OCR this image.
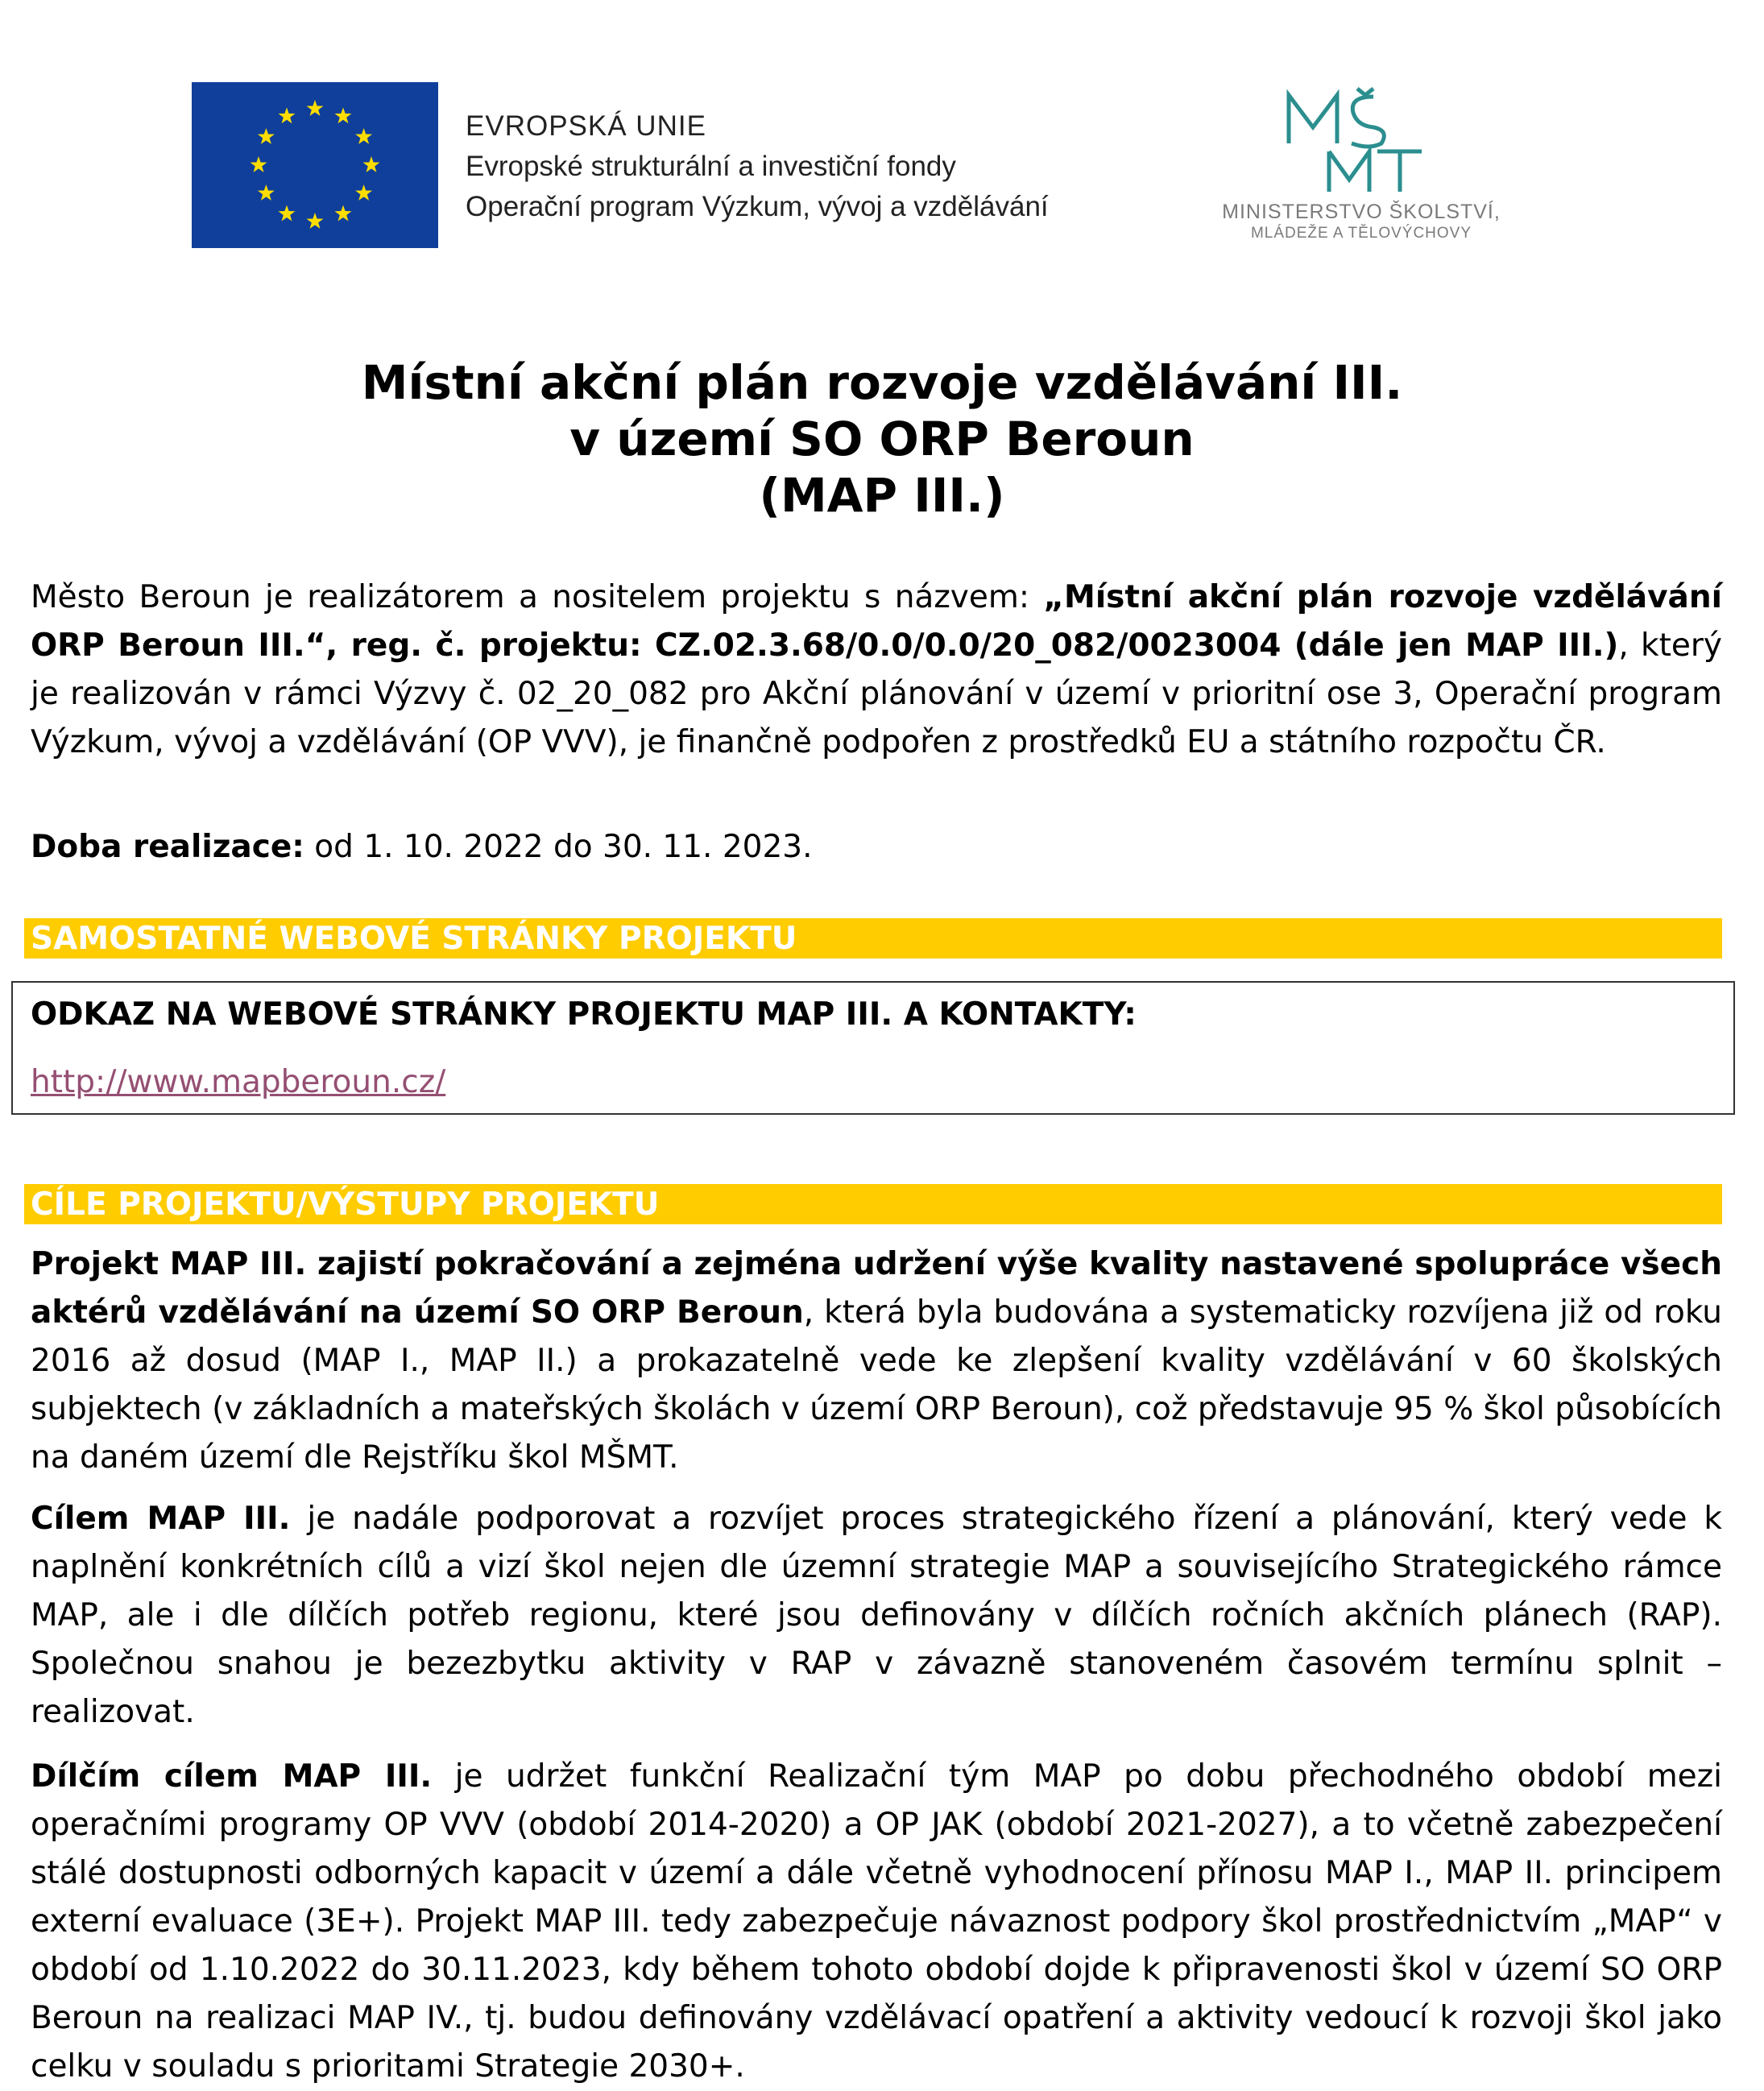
EVROPSKÁ UNIE
Evropské strukturální a investiční fondy
Operační program Výzkum, vývoj a vzdělávání	MINISTERSTVO ŠKOLSTVÍ,
MLÁDEŽE A TĚLOVÝCHOVY
Místní akční plán rozvoje vzdělávání III.
v území SO ORP Beroun
(MAP III.)

Město Beroun je realizátorem a nositelem projektu s názvem: „Místní akční plán rozvoje vzdělávání ORP Beroun III.“, reg. č. projektu: CZ.02.3.68/0.0/0.0/20_082/0023004 (dále jen MAP III.), který je realizován v rámci Výzvy č. 02_20_082 pro Akční plánování v území v prioritní ose 3, Operační program Výzkum, vývoj a vzdělávání (OP VVV), je finančně podpořen z prostředků EU a státního rozpočtu ČR.

Doba realizace: od 1. 10. 2022 do 30. 11. 2023.

SAMOSTATNÉ WEBOVÉ STRÁNKY PROJEKTU
ODKAZ NA WEBOVÉ STRÁNKY PROJEKTU MAP III. A KONTAKTY:
http://www.mapberoun.cz/
CÍLE PROJEKTU/VÝSTUPY PROJEKTU

Projekt MAP III. zajistí pokračování a zejména udržení výše kvality nastavené spolupráce všech aktérů vzdělávání na území SO ORP Beroun, která byla budována a systematicky rozvíjena již od roku 2016 až dosud (MAP I., MAP II.) a prokazatelně vede ke zlepšení kvality vzdělávání v 60 školských subjektech (v základních a mateřských školách v území ORP Beroun), což představuje 95 % škol působících na daném území dle Rejstříku škol MŠMT.

Cílem MAP III. je nadále podporovat a rozvíjet proces strategického řízení a plánování, který vede k naplnění konkrétních cílů a vizí škol nejen dle územní strategie MAP a souvisejícího Strategického rámce MAP, ale i dle dílčích potřeb regionu, které jsou definovány v dílčích ročních akčních plánech (RAP). Společnou snahou je bezezbytku aktivity v RAP v závazně stanoveném časovém termínu splnit – realizovat.

Dílčím cílem MAP III. je udržet funkční Realizační tým MAP po dobu přechodného období mezi operačními programy OP VVV (období 2014-2020) a OP JAK (období 2021-2027), a to včetně zabezpečení stálé dostupnosti odborných kapacit v území a dále včetně vyhodnocení přínosu MAP I., MAP II. principem externí evaluace (3E+). Projekt MAP III. tedy zabezpečuje návaznost podpory škol prostřednictvím „MAP“ v období od 1.10.2022 do 30.11.2023, kdy během tohoto období dojde k připravenosti škol v území SO ORP Beroun na realizaci MAP IV., tj. budou definovány vzdělávací opatření a aktivity vedoucí k rozvoji škol jako celku v souladu s prioritami Strategie 2030+.
